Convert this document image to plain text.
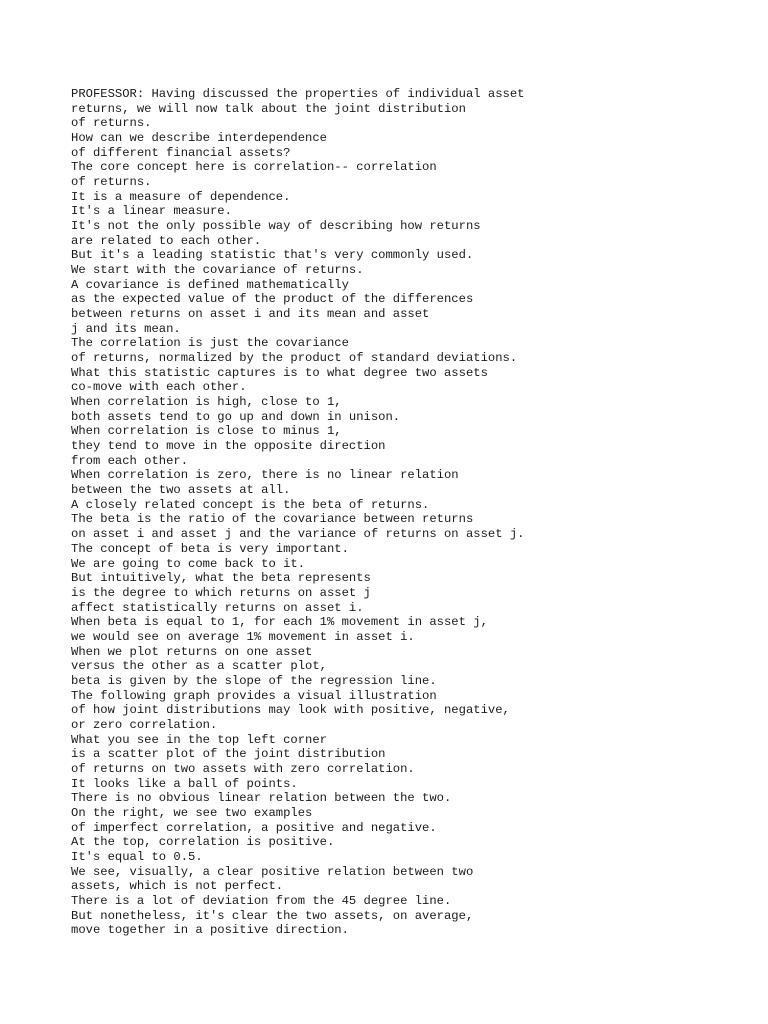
PROFESSOR: Having discussed the properties of individual asset
returns, we will now talk about the joint distribution
of returns.
How can we describe interdependence
of different financial assets?
The core concept here is correlation-- correlation
of returns.
It is a measure of dependence.
It's a linear measure.
It's not the only possible way of describing how returns
are related to each other.
But it's a leading statistic that's very commonly used.
We start with the covariance of returns.
A covariance is defined mathematically
as the expected value of the product of the differences
between returns on asset i and its mean and asset
j and its mean.
The correlation is just the covariance
of returns, normalized by the product of standard deviations.
What this statistic captures is to what degree two assets
co-move with each other.
When correlation is high, close to 1,
both assets tend to go up and down in unison.
When correlation is close to minus 1,
they tend to move in the opposite direction
from each other.
When correlation is zero, there is no linear relation
between the two assets at all.
A closely related concept is the beta of returns.
The beta is the ratio of the covariance between returns
on asset i and asset j and the variance of returns on asset j.
The concept of beta is very important.
We are going to come back to it.
But intuitively, what the beta represents
is the degree to which returns on asset j
affect statistically returns on asset i.
When beta is equal to 1, for each 1% movement in asset j,
we would see on average 1% movement in asset i.
When we plot returns on one asset
versus the other as a scatter plot,
beta is given by the slope of the regression line.
The following graph provides a visual illustration
of how joint distributions may look with positive, negative,
or zero correlation.
What you see in the top left corner
is a scatter plot of the joint distribution
of returns on two assets with zero correlation.
It looks like a ball of points.
There is no obvious linear relation between the two.
On the right, we see two examples
of imperfect correlation, a positive and negative.
At the top, correlation is positive.
It's equal to 0.5.
We see, visually, a clear positive relation between two
assets, which is not perfect.
There is a lot of deviation from the 45 degree line.
But nonetheless, it's clear the two assets, on average,
move together in a positive direction.
